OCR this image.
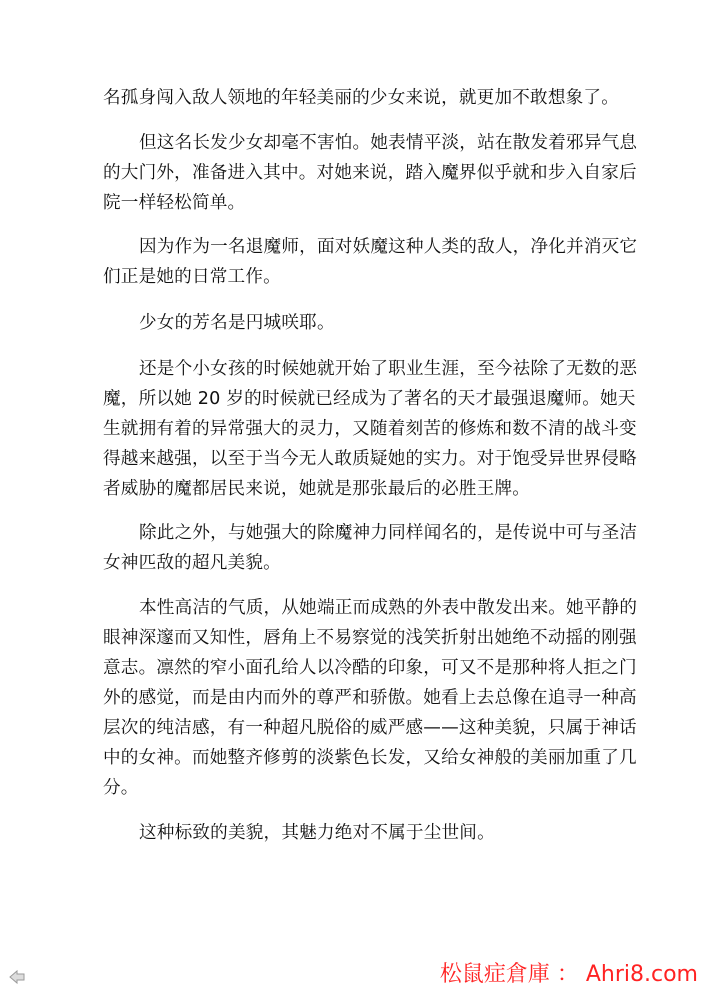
名孤身闯入敌人领地的年轻美丽的少女来说，就更加不敢想象了。
但这名长发少女却毫不害怕。她表情平淡，站在散发着邪异气息
的大门外，准备进入其中。对她来说，踏入魔界似乎就和步入自家后
院一样轻松简单。
因为作为一名退魔师，面对妖魔这种人类的敌人，净化并消灭它
们正是她的日常工作。
少女的芳名是円城咲耶。
还是个小女孩的时候她就开始了职业生涯，至今祛除了无数的恶
魔，所以她 20 岁的时候就已经成为了著名的天才最强退魔师。她天
生就拥有着的异常强大的灵力，又随着刻苦的修炼和数不清的战斗变
得越来越强，以至于当今无人敢质疑她的实力。对于饱受异世界侵略
者威胁的魔都居民来说，她就是那张最后的必胜王牌。
除此之外，与她强大的除魔神力同样闻名的，是传说中可与圣洁
女神匹敌的超凡美貌。
本性高洁的气质，从她端正而成熟的外表中散发出来。她平静的
眼神深邃而又知性，唇角上不易察觉的浅笑折射出她绝不动摇的刚强
意志。凛然的窄小面孔给人以冷酷的印象，可又不是那种将人拒之门
外的感觉，而是由内而外的尊严和骄傲。她看上去总像在追寻一种高
层次的纯洁感，有一种超凡脱俗的威严感——这种美貌，只属于神话
中的女神。而她整齐修剪的淡紫色长发，又给女神般的美丽加重了几
分。
这种标致的美貌，其魅力绝对不属于尘世间。
松鼠症倉庫 ： Ahri8.com
